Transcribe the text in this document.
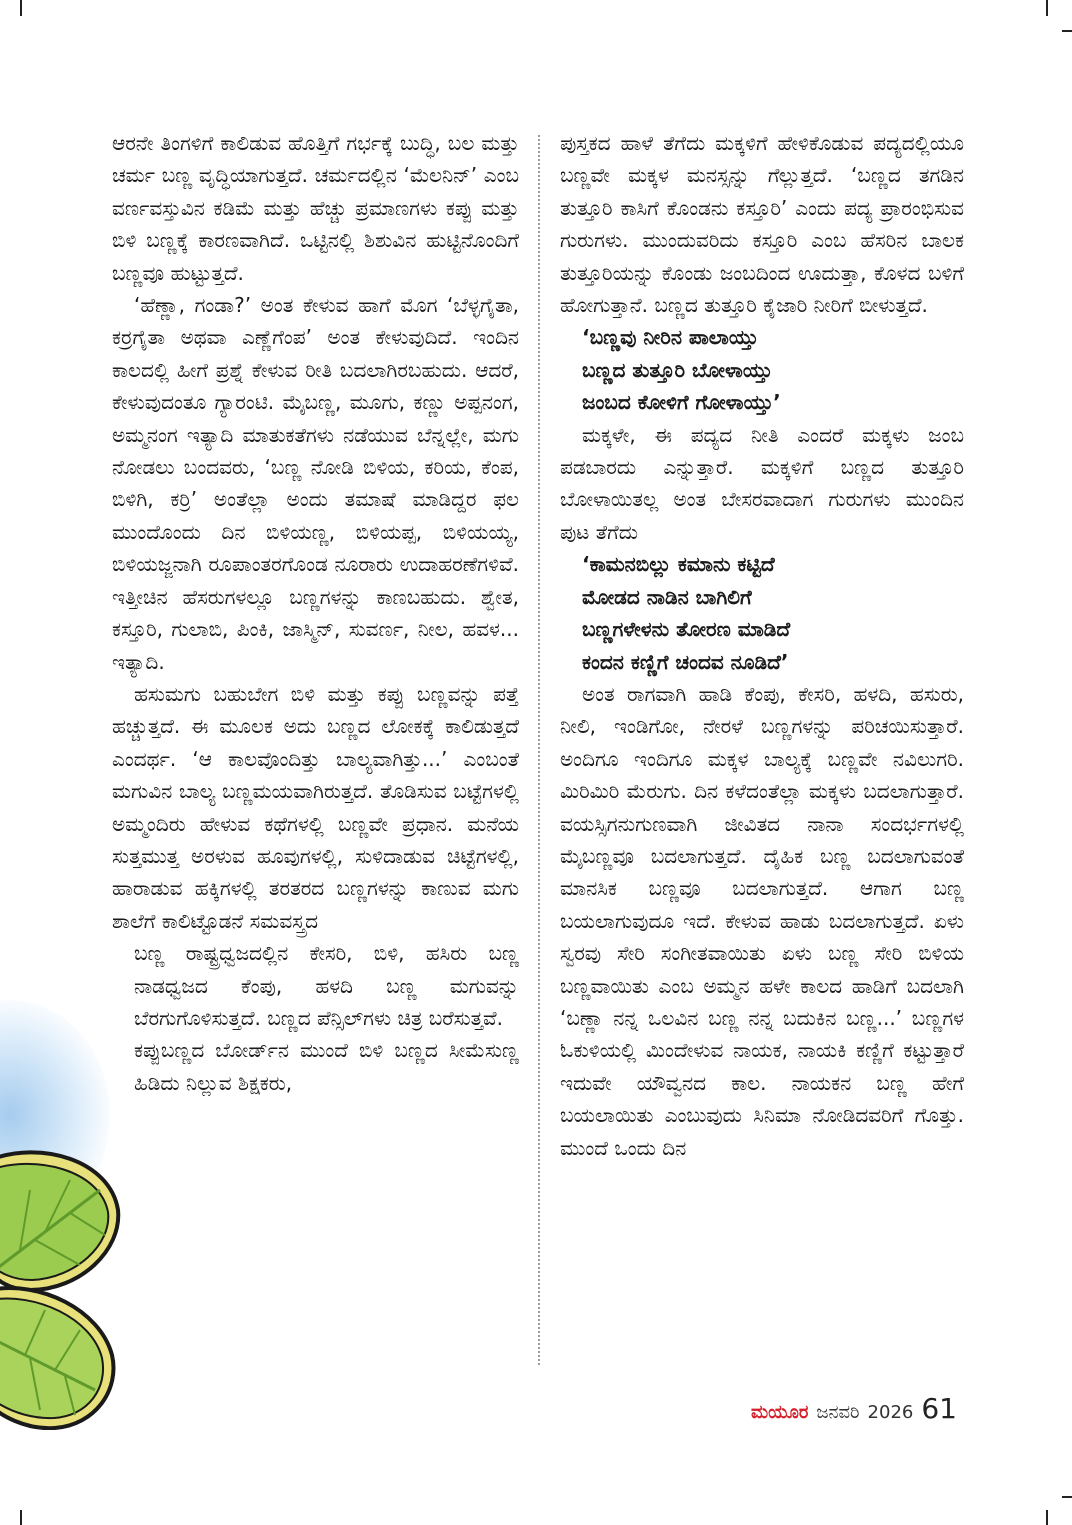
ಆರನೇ ತಿಂಗಳಿಗೆ ಕಾಲಿಡುವ ಹೊತ್ತಿಗೆ ಗರ್ಭಕ್ಕೆ ಬುದ್ಧಿ, ಬಲ ಮತ್ತು ಚರ್ಮ ಬಣ್ಣ ವೃದ್ಧಿಯಾಗುತ್ತದೆ. ಚರ್ಮದಲ್ಲಿನ ‘ಮೆಲನಿನ್’ ಎಂಬ ವರ್ಣವಸ್ತುವಿನ ಕಡಿಮೆ ಮತ್ತು ಹೆಚ್ಚು ಪ್ರಮಾಣಗಳು ಕಪ್ಪು ಮತ್ತು ಬಿಳಿ ಬಣ್ಣಕ್ಕೆ ಕಾರಣವಾಗಿದೆ. ಒಟ್ಟಿನಲ್ಲಿ ಶಿಶುವಿನ ಹುಟ್ಟಿನೊಂದಿಗೆ ಬಣ್ಣವೂ ಹುಟ್ಟುತ್ತದೆ.

‘ಹೆಣ್ಣಾ, ಗಂಡಾ?’ ಅಂತ ಕೇಳುವ ಹಾಗೆ ಮೊಗ ‘ಬೆಳ್ಳಗೈತಾ, ಕರ್‍ರಗೈತಾ ಅಥವಾ ಎಣ್ಣೆಗೆಂಪ’ ಅಂತ ಕೇಳುವುದಿದೆ. ಇಂದಿನ ಕಾಲದಲ್ಲಿ ಹೀಗೆ ಪ್ರಶ್ನೆ ಕೇಳುವ ರೀತಿ ಬದಲಾಗಿರಬಹುದು. ಆದರೆ, ಕೇಳುವುದಂತೂ ಗ್ಯಾರಂಟಿ. ಮೈಬಣ್ಣ, ಮೂಗು, ಕಣ್ಣು ಅಪ್ಪನಂಗ, ಅಮ್ಮನಂಗ ಇತ್ಯಾದಿ ಮಾತುಕತೆಗಳು ನಡೆಯುವ ಬೆನ್ನಲ್ಲೇ, ಮಗು ನೋಡಲು ಬಂದವರು, ‘ಬಣ್ಣ ನೋಡಿ ಬಿಳಿಯ, ಕರಿಯ, ಕೆಂಪ, ಬಿಳಿಗಿ, ಕರ್‍ರಿ’ ಅಂತೆಲ್ಲಾ ಅಂದು ತಮಾಷೆ ಮಾಡಿದ್ದರ ಫಲ ಮುಂದೊಂದು ದಿನ ಬಿಳಿಯಣ್ಣ, ಬಿಳಿಯಪ್ಪ, ಬಿಳಿಯಯ್ಯ, ಬಿಳಿಯಜ್ಜನಾಗಿ ರೂಪಾಂತರಗೊಂಡ ನೂರಾರು ಉದಾಹರಣೆಗಳಿವೆ. ಇತ್ತೀಚಿನ ಹೆಸರುಗಳಲ್ಲೂ ಬಣ್ಣಗಳನ್ನು ಕಾಣಬಹುದು. ಶ್ವೇತ, ಕಸ್ತೂರಿ, ಗುಲಾಬಿ, ಪಿಂಕಿ, ಜಾಸ್ಮಿನ್, ಸುವರ್ಣ, ನೀಲ, ಹವಳ... ಇತ್ಯಾದಿ.

ಹಸುಮಗು ಬಹುಬೇಗ ಬಿಳಿ ಮತ್ತು ಕಪ್ಪು ಬಣ್ಣವನ್ನು ಪತ್ತೆ ಹಚ್ಚುತ್ತದೆ. ಈ ಮೂಲಕ ಅದು ಬಣ್ಣದ ಲೋಕಕ್ಕೆ ಕಾಲಿಡುತ್ತದೆ ಎಂದರ್ಥ. ‘ಆ ಕಾಲವೊಂದಿತ್ತು ಬಾಲ್ಯವಾಗಿತ್ತು...’ ಎಂಬಂತೆ ಮಗುವಿನ ಬಾಲ್ಯ ಬಣ್ಣಮಯವಾಗಿರುತ್ತದೆ. ತೊಡಿಸುವ ಬಟ್ಟೆಗಳಲ್ಲಿ ಅಮ್ಮಂದಿರು ಹೇಳುವ ಕಥೆಗಳಲ್ಲಿ ಬಣ್ಣವೇ ಪ್ರಧಾನ. ಮನೆಯ ಸುತ್ತಮುತ್ತ ಅರಳುವ ಹೂವುಗಳಲ್ಲಿ, ಸುಳಿದಾಡುವ ಚಿಟ್ಟೆಗಳಲ್ಲಿ, ಹಾರಾಡುವ ಹಕ್ಕಿಗಳಲ್ಲಿ ತರತರದ ಬಣ್ಣಗಳನ್ನು ಕಾಣುವ ಮಗು ಶಾಲೆಗೆ ಕಾಲಿಟ್ಟೊಡನೆ ಸಮವಸ್ತ್ರದ

ಬಣ್ಣ ರಾಷ್ಟ್ರಧ್ವಜದಲ್ಲಿನ ಕೇಸರಿ, ಬಿಳಿ, ಹಸಿರು ಬಣ್ಣ ನಾಡಧ್ವಜದ ಕೆಂಪು, ಹಳದಿ ಬಣ್ಣ ಮಗುವನ್ನು ಬೆರಗುಗೊಳಿಸುತ್ತದೆ. ಬಣ್ಣದ ಪೆನ್ಸಿಲ್‌ಗಳು ಚಿತ್ರ ಬರೆಸುತ್ತವೆ.

ಕಪ್ಪುಬಣ್ಣದ ಬೋರ್ಡ್‌ನ ಮುಂದೆ ಬಿಳಿ ಬಣ್ಣದ ಸೀಮೆಸುಣ್ಣ ಹಿಡಿದು ನಿಲ್ಲುವ ಶಿಕ್ಷಕರು,

ಪುಸ್ತಕದ ಹಾಳೆ ತೆಗೆದು ಮಕ್ಕಳಿಗೆ ಹೇಳಿಕೊಡುವ ಪದ್ಯದಲ್ಲಿಯೂ ಬಣ್ಣವೇ ಮಕ್ಕಳ ಮನಸ್ಸನ್ನು ಗೆಲ್ಲುತ್ತದೆ. ‘ಬಣ್ಣದ ತಗಡಿನ ತುತ್ತೂರಿ ಕಾಸಿಗೆ ಕೊಂಡನು ಕಸ್ತೂರಿ’ ಎಂದು ಪದ್ಯ ಪ್ರಾರಂಭಿಸುವ ಗುರುಗಳು. ಮುಂದುವರಿದು ಕಸ್ತೂರಿ ಎಂಬ ಹೆಸರಿನ ಬಾಲಕ ತುತ್ತೂರಿಯನ್ನು ಕೊಂಡು ಜಂಬದಿಂದ ಊದುತ್ತಾ, ಕೊಳದ ಬಳಿಗೆ ಹೋಗುತ್ತಾನೆ. ಬಣ್ಣದ ತುತ್ತೂರಿ ಕೈಜಾರಿ ನೀರಿಗೆ ಬೀಳುತ್ತದೆ.

‘ಬಣ್ಣವು ನೀರಿನ ಪಾಲಾಯ್ತು

ಬಣ್ಣದ ತುತ್ತೂರಿ ಬೋಳಾಯ್ತು

ಜಂಬದ ಕೋಳಿಗೆ ಗೋಳಾಯ್ತು’

ಮಕ್ಕಳೇ, ಈ ಪದ್ಯದ ನೀತಿ ಎಂದರೆ ಮಕ್ಕಳು ಜಂಬ ಪಡಬಾರದು ಎನ್ನುತ್ತಾರೆ. ಮಕ್ಕಳಿಗೆ ಬಣ್ಣದ ತುತ್ತೂರಿ ಬೋಳಾಯಿತಲ್ಲ ಅಂತ ಬೇಸರವಾದಾಗ ಗುರುಗಳು ಮುಂದಿನ ಪುಟ ತೆಗೆದು

‘ಕಾಮನಬಿಲ್ಲು ಕಮಾನು ಕಟ್ಟಿದೆ

ಮೋಡದ ನಾಡಿನ ಬಾಗಿಲಿಗೆ

ಬಣ್ಣಗಳೇಳನು ತೋರಣ ಮಾಡಿದೆ

ಕಂದನ ಕಣ್ಣಿಗೆ ಚಂದವ ನೂಡಿದೆ’

ಅಂತ ರಾಗವಾಗಿ ಹಾಡಿ ಕೆಂಪು, ಕೇಸರಿ, ಹಳದಿ, ಹಸುರು, ನೀಲಿ, ಇಂಡಿಗೋ, ನೇರಳೆ ಬಣ್ಣಗಳನ್ನು ಪರಿಚಯಿಸುತ್ತಾರೆ. ಅಂದಿಗೂ ಇಂದಿಗೂ ಮಕ್ಕಳ ಬಾಲ್ಯಕ್ಕೆ ಬಣ್ಣವೇ ನವಿಲುಗರಿ. ಮಿರಿಮಿರಿ ಮೆರುಗು. ದಿನ ಕಳೆದಂತೆಲ್ಲಾ ಮಕ್ಕಳು ಬದಲಾಗುತ್ತಾರೆ. ವಯಸ್ಸಿಗನುಗುಣವಾಗಿ ಜೀವಿತದ ನಾನಾ ಸಂದರ್ಭಗಳಲ್ಲಿ ಮೈಬಣ್ಣವೂ ಬದಲಾಗುತ್ತದೆ. ದೈಹಿಕ ಬಣ್ಣ ಬದಲಾಗುವಂತೆ ಮಾನಸಿಕ ಬಣ್ಣವೂ ಬದಲಾಗುತ್ತದೆ. ಆಗಾಗ ಬಣ್ಣ ಬಯಲಾಗುವುದೂ ಇದೆ. ಕೇಳುವ ಹಾಡು ಬದಲಾಗುತ್ತದೆ. ಏಳು ಸ್ವರವು ಸೇರಿ ಸಂಗೀತವಾಯಿತು ಏಳು ಬಣ್ಣ ಸೇರಿ ಬಿಳಿಯ ಬಣ್ಣವಾಯಿತು ಎಂಬ ಅಮ್ಮನ ಹಳೇ ಕಾಲದ ಹಾಡಿಗೆ ಬದಲಾಗಿ ‘ಬಣ್ಣಾ ನನ್ನ ಒಲವಿನ ಬಣ್ಣ ನನ್ನ ಬದುಕಿನ ಬಣ್ಣ...’ ಬಣ್ಣಗಳ ಓಕುಳಿಯಲ್ಲಿ ಮಿಂದೇಳುವ ನಾಯಕ, ನಾಯಕಿ ಕಣ್ಣಿಗೆ ಕಟ್ಟುತ್ತಾರೆ ಇದುವೇ ಯೌವ್ವನದ ಕಾಲ. ನಾಯಕನ ಬಣ್ಣ ಹೇಗೆ ಬಯಲಾಯಿತು ಎಂಬುವುದು ಸಿನಿಮಾ ನೋಡಿದವರಿಗೆ ಗೊತ್ತು. ಮುಂದೆ ಒಂದು ದಿನ

ಮಯೂರ ಜನವರಿ 2026 61
